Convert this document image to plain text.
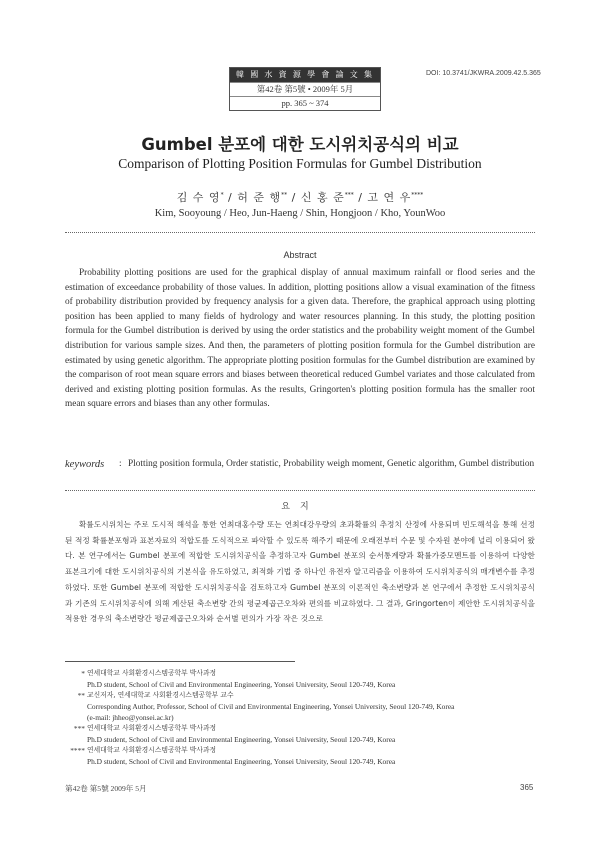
韓 國 水 資 源 學 會 論 文 集
第42卷 第5號 • 2009年 5月
pp. 365 ~ 374
DOI: 10.3741/JKWRA.2009.42.5.365
Gumbel 분포에 대한 도시위치공식의 비교
Comparison of Plotting Position Formulas for Gumbel Distribution
김 수 영* / 허 준 행** / 신 홍 준*** / 고 연 우****
Kim, Sooyoung / Heo, Jun-Haeng / Shin, Hongjoon / Kho, YounWoo
Abstract

Probability plotting positions are used for the graphical display of annual maximum rainfall or flood series and the estimation of exceedance probability of those values. In addition, plotting positions allow a visual examination of the fitness of probability distribution provided by frequency analysis for a given data. Therefore, the graphical approach using plotting position has been applied to many fields of hydrology and water resources planning. In this study, the plotting position formula for the Gumbel distribution is derived by using the order statistics and the probability weight moment of the Gumbel distribution for various sample sizes. And then, the parameters of plotting position formula for the Gumbel distribution are estimated by using genetic algorithm. The appropriate plotting position formulas for the Gumbel distribution are examined by the comparison of root mean square errors and biases between theoretical reduced Gumbel variates and those calculated from derived and existing plotting position formulas. As the results, Gringorten's plotting position formula has the smaller root mean square errors and biases than any other formulas.

keywords : Plotting position formula, Order statistic, Probability weigh moment, Genetic algorithm, Gumbel distribution
요지

확률도시위치는 주로 도시적 해석을 통한 연최대홍수량 또는 연최대강우량의 초과확률의 추정치 산정에 사용되며 빈도해석을 통해 선정된 적정 확률분포형과 표본자료의 적합도를 도식적으로 파악할 수 있도록 해주기 때문에 오래전부터 수문 및 수자원 분야에 널리 이용되어 왔다. 본 연구에서는 Gumbel 분포에 적합한 도시위치공식을 추정하고자 Gumbel 분포의 순서통계량과 확률가중모멘트를 이용하여 다양한 표본크기에 대한 도시위치공식의 기본식을 유도하였고, 최적화 기법 중 하나인 유전자 알고리즘을 이용하여 도시위치공식의 매개변수를 추정하였다. 또한 Gumbel 분포에 적합한 도시위치공식을 검토하고자 Gumbel 분포의 이론적인 축소변량과 본 연구에서 추정한 도시위치공식과 기존의 도시위치공식에 의해 계산된 축소변량 간의 평균제곱근오차와 편의를 비교하였다. 그 결과, Gringorten이 제안한 도시위치공식을 적용한 경우의 축소변량간 평균제곱근오차와 순서별 편의가 가장 작은 것으로

* 연세대학교 사회환경시스템공학부 박사과정
Ph.D student, School of Civil and Environmental Engineering, Yonsei University, Seoul 120-749, Korea
** 교신저자, 연세대학교 사회환경시스템공학부 교수
Corresponding Author, Professor, School of Civil and Environmental Engineering, Yonsei University, Seoul 120-749, Korea
(e-mail: jhheo@yonsei.ac.kr)
*** 연세대학교 사회환경시스템공학부 박사과정
Ph.D student, School of Civil and Environmental Engineering, Yonsei University, Seoul 120-749, Korea
**** 연세대학교 사회환경시스템공학부 박사과정
Ph.D student, School of Civil and Environmental Engineering, Yonsei University, Seoul 120-749, Korea
第42卷 第5號 2009年 5月	365
